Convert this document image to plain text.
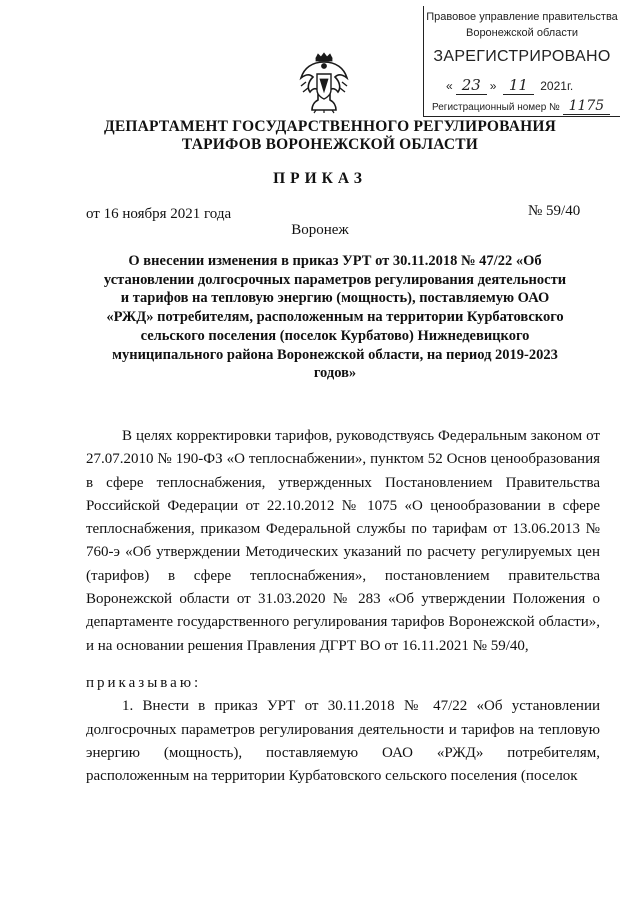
Правовое управление правительства
Воронежской области
ЗАРЕГИСТРИРОВАНО
« 23 » 11 2021г.
Регистрационный номер № 1175
ДЕПАРТАМЕНТ ГОСУДАРСТВЕННОГО РЕГУЛИРОВАНИЯ
ТАРИФОВ ВОРОНЕЖСКОЙ ОБЛАСТИ
ПРИКАЗ
от 16 ноября 2021 года	№ 59/40
Воронеж
О внесении изменения в приказ УРТ от 30.11.2018 № 47/22 «Об установлении долгосрочных параметров регулирования деятельности и тарифов на тепловую энергию (мощность), поставляемую ОАО «РЖД» потребителям, расположенным на территории Курбатовского сельского поселения (поселок Курбатово) Нижнедевицкого муниципального района Воронежской области, на период 2019-2023 годов»

В целях корректировки тарифов, руководствуясь Федеральным законом от 27.07.2010 № 190-ФЗ «О теплоснабжении», пунктом 52 Основ ценообразования в сфере теплоснабжения, утвержденных Постановлением Правительства Российской Федерации от 22.10.2012 № 1075 «О ценообразовании в сфере теплоснабжения, приказом Федеральной службы по тарифам от 13.06.2013 № 760-э «Об утверждении Методических указаний по расчету регулируемых цен (тарифов) в сфере теплоснабжения», постановлением правительства Воронежской области от 31.03.2020 № 283 «Об утверждении Положения о департаменте государственного регулирования тарифов Воронежской области», и на основании решения Правления ДГРТ ВО от 16.11.2021 № 59/40,

приказываю:

1. Внести в приказ УРТ от 30.11.2018 № 47/22 «Об установлении долгосрочных параметров регулирования деятельности и тарифов на тепловую энергию (мощность), поставляемую ОАО «РЖД» потребителям, расположенным на территории Курбатовского сельского поселения (поселок
